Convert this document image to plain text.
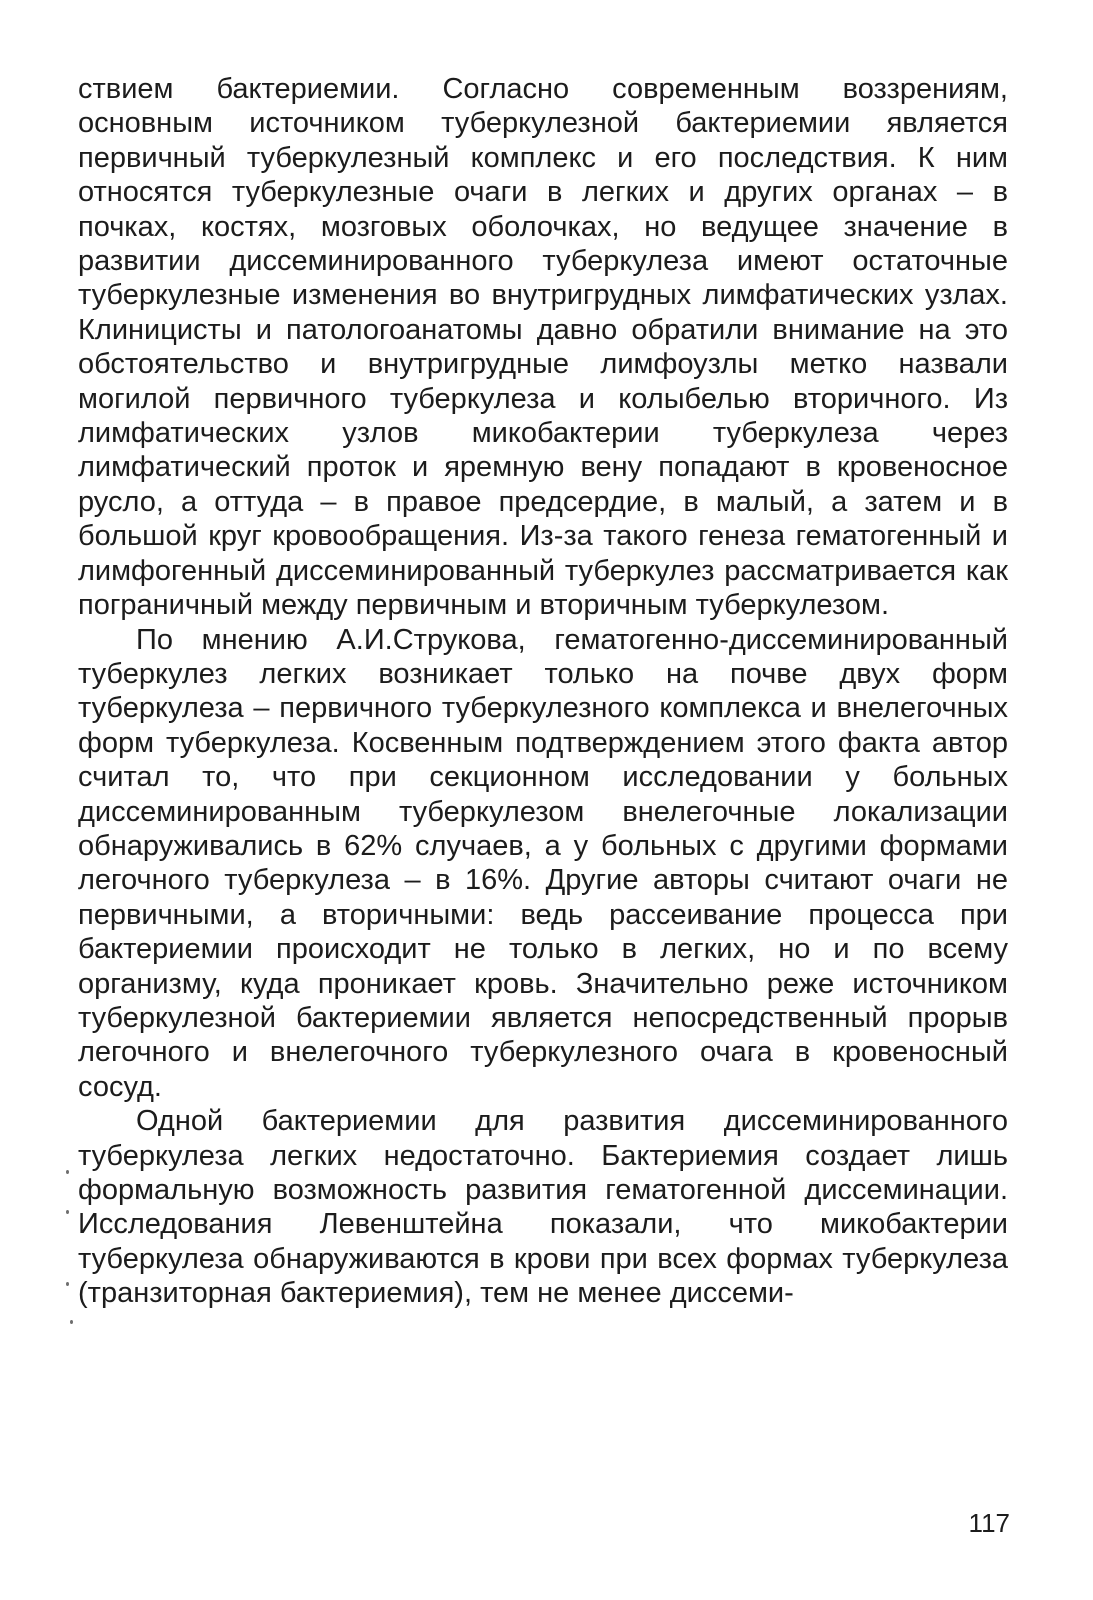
ствием бактериемии. Согласно современным воззрениям, основным источником туберкулезной бактериемии является первичный туберкулезный комплекс и его последствия. К ним относятся туберкулезные очаги в легких и других органах – в почках, костях, мозговых оболочках, но ведущее значение в развитии диссеминированного туберкулеза имеют остаточные туберкулезные изменения во внутригрудных лимфатических узлах. Клиницисты и патологоанатомы давно обратили внимание на это обстоятельство и внутригрудные лимфоузлы метко назвали могилой первичного туберкулеза и колыбелью вторичного. Из лимфатических узлов микобактерии туберкулеза через лимфатический проток и яремную вену попадают в кровеносное русло, а оттуда – в правое предсердие, в малый, а затем и в большой круг кровообращения. Из-за такого генеза гематогенный и лимфогенный диссеминированный туберкулез рассматривается как пограничный между первичным и вторичным туберкулезом.

По мнению А.И.Струкова, гематогенно-диссеминированный туберкулез легких возникает только на почве двух форм туберкулеза – первичного туберкулезного комплекса и внелегочных форм туберкулеза. Косвенным подтверждением этого факта автор считал то, что при секционном исследовании у больных диссеминированным туберкулезом внелегочные локализации обнаруживались в 62% случаев, а у больных с другими формами легочного туберкулеза – в 16%. Другие авторы считают очаги не первичными, а вторичными: ведь рассеивание процесса при бактериемии происходит не только в легких, но и по всему организму, куда проникает кровь. Значительно реже источником туберкулезной бактериемии является непосредственный прорыв легочного и внелегочного туберкулезного очага в кровеносный сосуд.

Одной бактериемии для развития диссеминированного туберкулеза легких недостаточно. Бактериемия создает лишь формальную возможность развития гематогенной диссеминации. Исследования Левенштейна показали, что микобактерии туберкулеза обнаруживаются в крови при всех формах туберкулеза (транзиторная бактериемия), тем не менее диссеми-

117
